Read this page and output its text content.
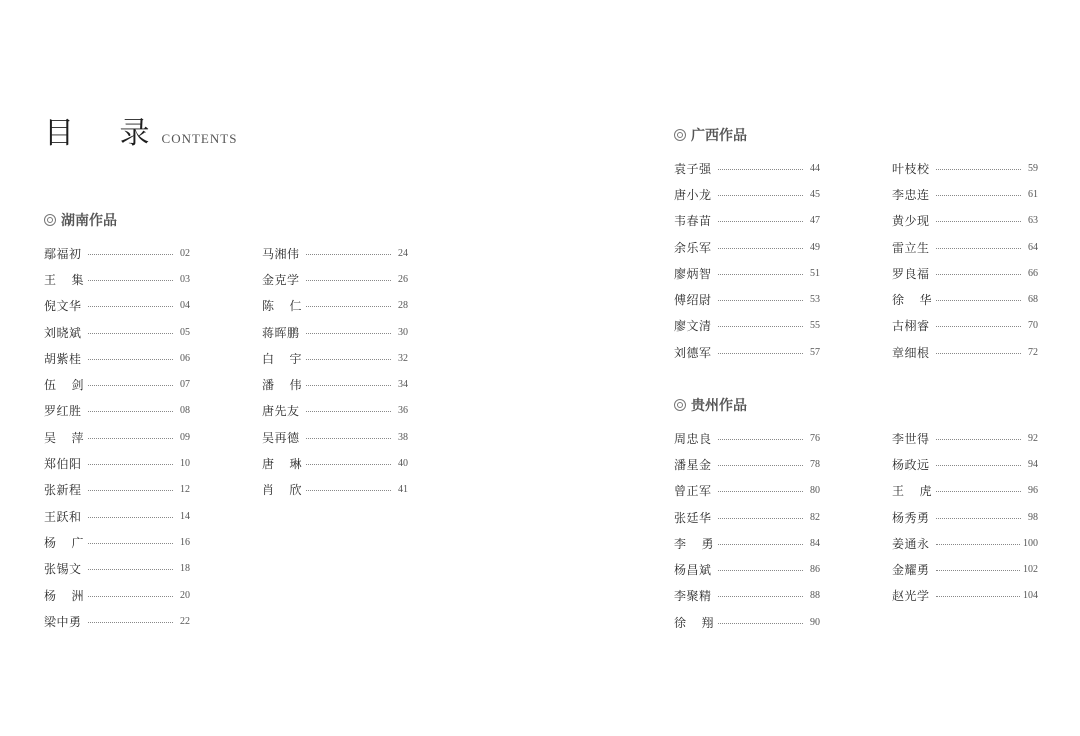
目 录CONTENTS
湖南作品
鄢福初	02
王 集	03
倪文华	04
刘晓斌	05
胡紫桂	06
伍 剑	07
罗红胜	08
吴 萍	09
郑伯阳	10
张新程	12
王跃和	14
杨 广	16
张锡文	18
杨 洲	20
梁中勇	22
马湘伟	24
金克学	26
陈 仁	28
蒋晖鹏	30
白 宇	32
潘 伟	34
唐先友	36
吴再德	38
唐 琳	40
肖 欣	41
广西作品
袁子强	44
唐小龙	45
韦春苗	47
余乐军	49
廖炳智	51
傅绍尉	53
廖文清	55
刘德军	57
叶枝校	59
李忠连	61
黄少现	63
雷立生	64
罗良福	66
徐 华	68
古栩睿	70
章细根	72
贵州作品
周忠良	76
潘星金	78
曾正军	80
张廷华	82
李 勇	84
杨昌斌	86
李聚精	88
徐 翔	90
李世得	92
杨政远	94
王 虎	96
杨秀勇	98
姜通永	100
金耀勇	102
赵光学	104
